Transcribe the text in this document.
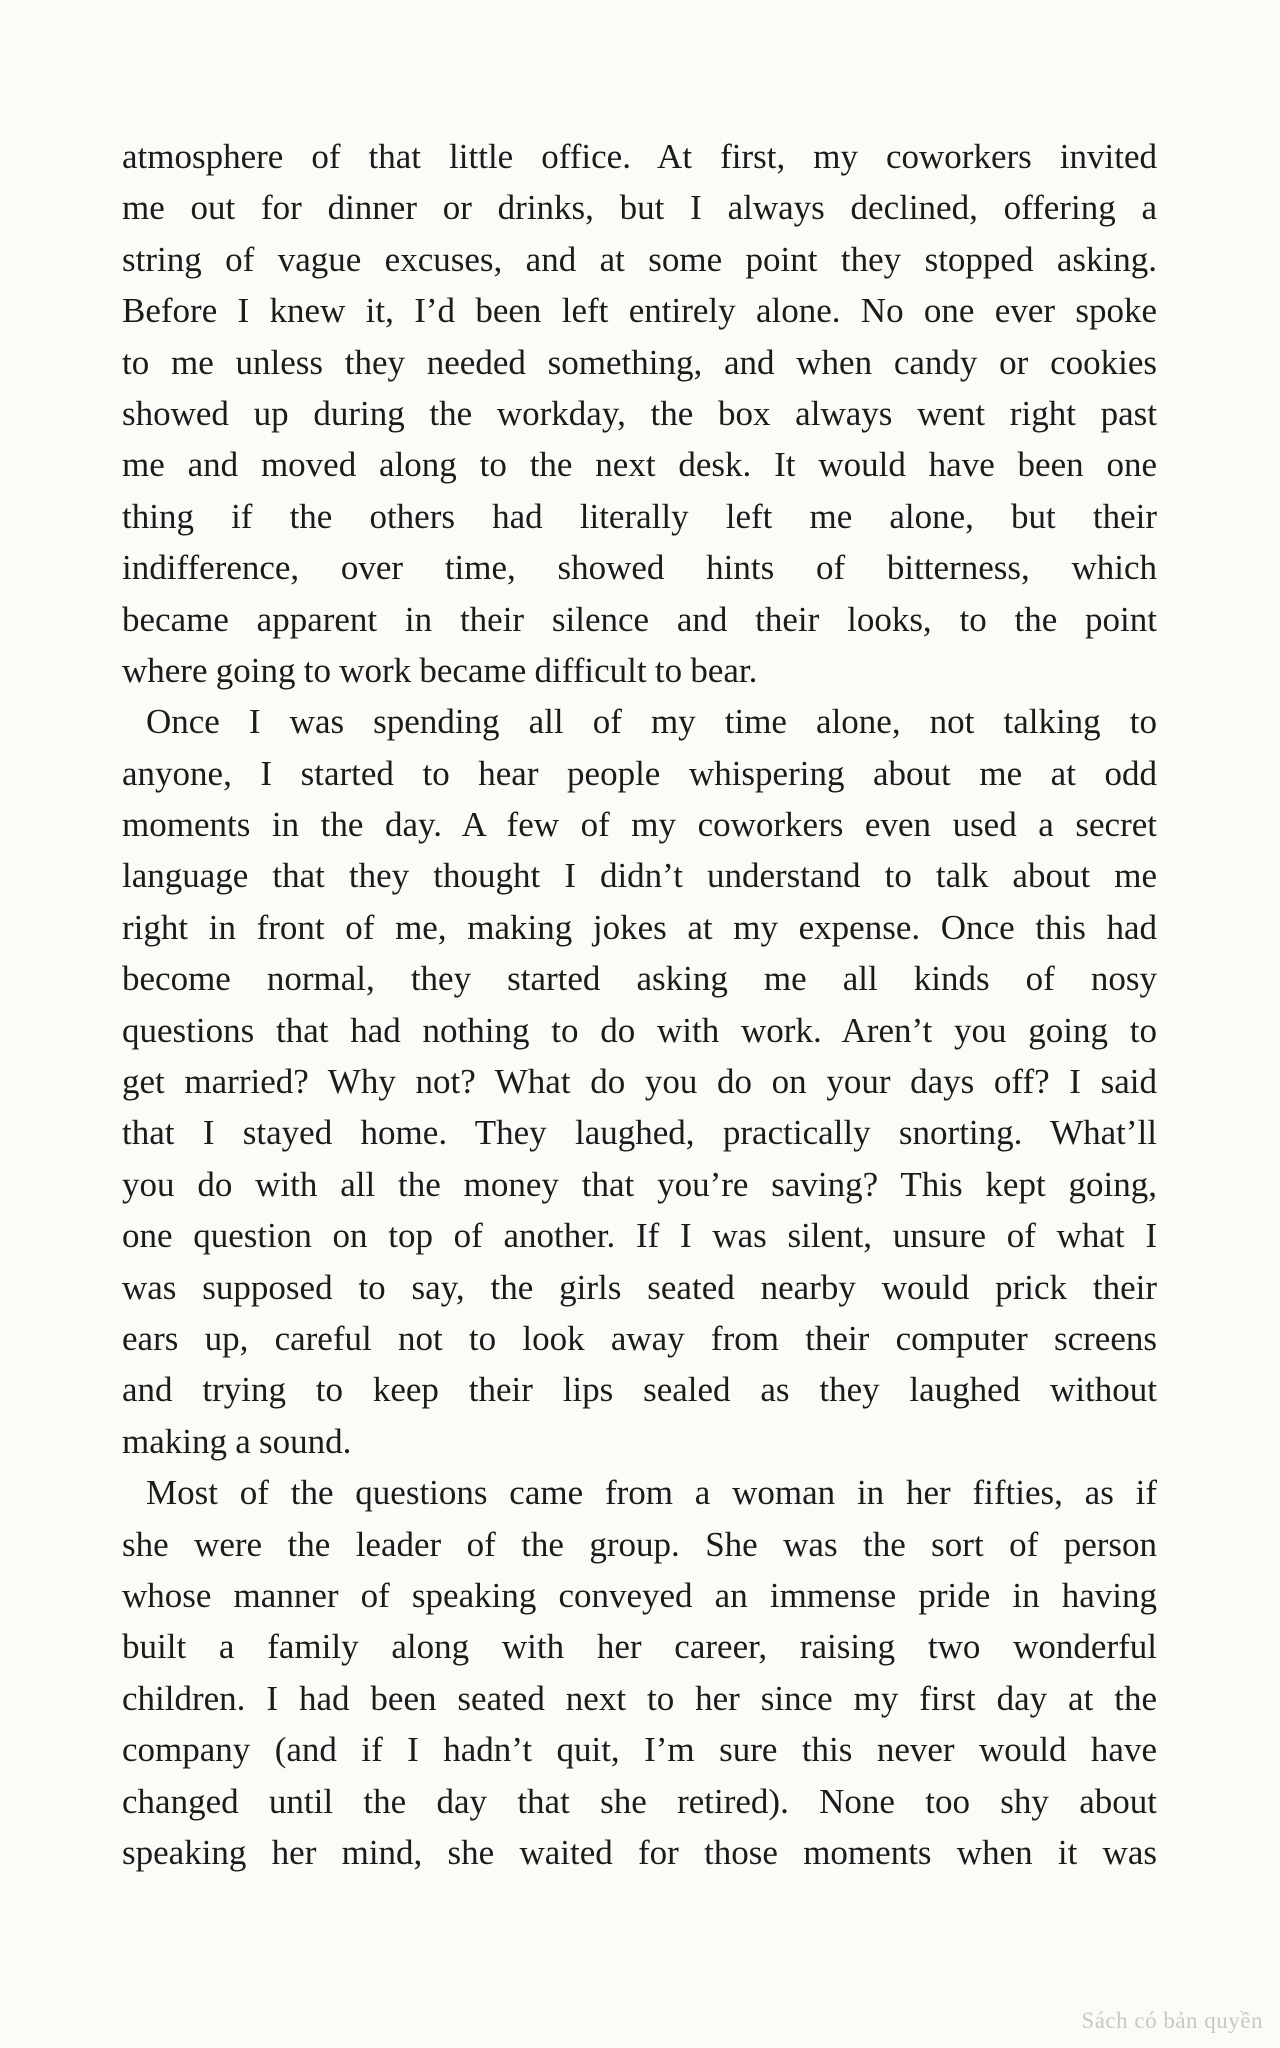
atmosphere of that little office. At first, my coworkers invited
me out for dinner or drinks, but I always declined, offering a
string of vague excuses, and at some point they stopped asking.
Before I knew it, I’d been left entirely alone. No one ever spoke
to me unless they needed something, and when candy or cookies
showed up during the workday, the box always went right past
me and moved along to the next desk. It would have been one
thing if the others had literally left me alone, but their
indifference, over time, showed hints of bitterness, which
became apparent in their silence and their looks, to the point
where going to work became difficult to bear.
Once I was spending all of my time alone, not talking to
anyone, I started to hear people whispering about me at odd
moments in the day. A few of my coworkers even used a secret
language that they thought I didn’t understand to talk about me
right in front of me, making jokes at my expense. Once this had
become normal, they started asking me all kinds of nosy
questions that had nothing to do with work. Aren’t you going to
get married? Why not? What do you do on your days off? I said
that I stayed home. They laughed, practically snorting. What’ll
you do with all the money that you’re saving? This kept going,
one question on top of another. If I was silent, unsure of what I
was supposed to say, the girls seated nearby would prick their
ears up, careful not to look away from their computer screens
and trying to keep their lips sealed as they laughed without
making a sound.
Most of the questions came from a woman in her fifties, as if
she were the leader of the group. She was the sort of person
whose manner of speaking conveyed an immense pride in having
built a family along with her career, raising two wonderful
children. I had been seated next to her since my first day at the
company (and if I hadn’t quit, I’m sure this never would have
changed until the day that she retired). None too shy about
speaking her mind, she waited for those moments when it was
Sách có bản quyền
